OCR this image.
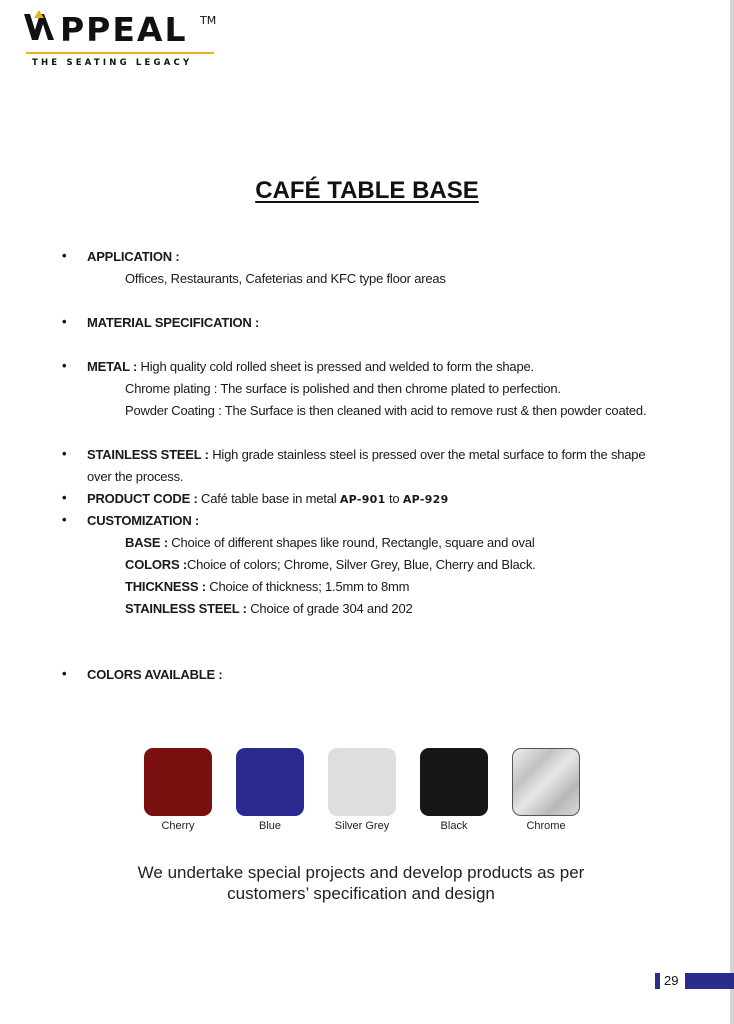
PPEAL TM
THE SEATING LEGACY
CAFÉ TABLE BASE
• APPLICATION :
Offices, Restaurants, Cafeterias and KFC type floor areas
• MATERIAL SPECIFICATION :
• METAL : High quality cold rolled sheet is pressed and welded to form the shape.
Chrome plating : The surface is polished and then chrome plated to perfection.
Powder Coating : The Surface is then cleaned with acid to remove rust & then powder coated.
• STAINLESS STEEL : High grade stainless steel is pressed over the metal surface to form the shape
over the process.
• PRODUCT CODE : Café table base in metal AP-901 to AP-929
• CUSTOMIZATION :
BASE : Choice of different shapes like round, Rectangle, square and oval
COLORS :Choice of colors; Chrome, Silver Grey, Blue, Cherry and Black.
THICKNESS : Choice of thickness; 1.5mm to 8mm
STAINLESS STEEL : Choice of grade 304 and 202
• COLORS AVAILABLE :
Cherry	Blue	Silver Grey	Black	Chrome
We undertake special projects and develop products as per
customers’ specification and design
29
